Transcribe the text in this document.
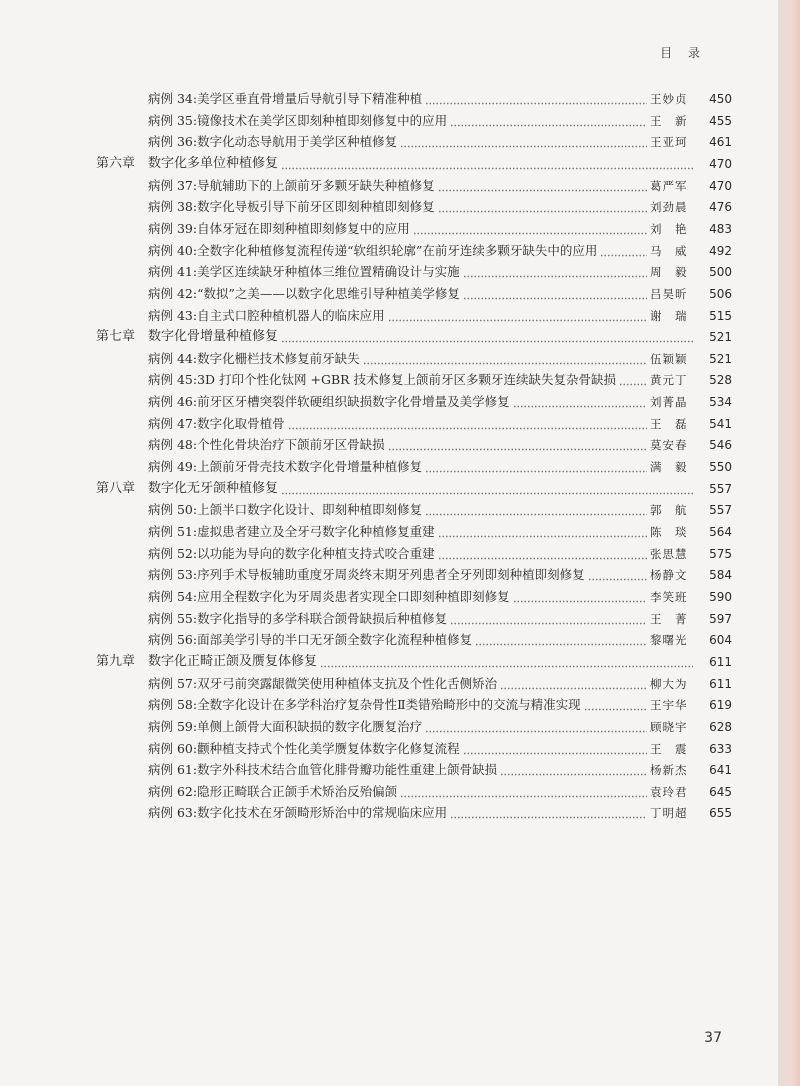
目 录
病例 34: 美学区垂直骨增量后导航引导下精准种植	王妙贞	450
病例 35: 镜像技术在美学区即刻种植即刻修复中的应用	王　新	455
病例 36: 数字化动态导航用于美学区种植修复	王亚珂	461
第六章 数字化多单位种植修复	470
病例 37: 导航辅助下的上颌前牙多颗牙缺失种植修复	葛严军	470
病例 38: 数字化导板引导下前牙区即刻种植即刻修复	刘劲晨	476
病例 39: 自体牙冠在即刻种植即刻修复中的应用	刘　艳	483
病例 40: 全数字化种植修复流程传递“软组织轮廓”在前牙连续多颗牙缺失中的应用	马　威	492
病例 41: 美学区连续缺牙种植体三维位置精确设计与实施	周　毅	500
病例 42: “数拟”之美——以数字化思维引导种植美学修复	吕昊昕	506
病例 43: 自主式口腔种植机器人的临床应用	谢　瑞	515
第七章 数字化骨增量种植修复	521
病例 44: 数字化栅栏技术修复前牙缺失	伍颖颖	521
病例 45: 3D 打印个性化钛网 +GBR 技术修复上颌前牙区多颗牙连续缺失复杂骨缺损	黄元丁	528
病例 46: 前牙区牙槽突裂伴软硬组织缺损数字化骨增量及美学修复	刘菁晶	534
病例 47: 数字化取骨植骨	王　磊	541
病例 48: 个性化骨块治疗下颌前牙区骨缺损	莫安春	546
病例 49: 上颌前牙骨壳技术数字化骨增量种植修复	满　毅	550
第八章 数字化无牙颌种植修复	557
病例 50: 上颌半口数字化设计、即刻种植即刻修复	郭　航	557
病例 51: 虚拟患者建立及全牙弓数字化种植修复重建	陈　琰	564
病例 52: 以功能为导向的数字化种植支持式咬合重建	张思慧	575
病例 53: 序列手术导板辅助重度牙周炎终末期牙列患者全牙列即刻种植即刻修复	杨静文	584
病例 54: 应用全程数字化为牙周炎患者实现全口即刻种植即刻修复	李笑班	590
病例 55: 数字化指导的多学科联合颌骨缺损后种植修复	王　菁	597
病例 56: 面部美学引导的半口无牙颌全数字化流程种植修复	黎曙光	604
第九章 数字化正畸正颌及赝复体修复	611
病例 57: 双牙弓前突露龈微笑使用种植体支抗及个性化舌侧矫治	柳大为	611
病例 58: 全数字化设计在多学科治疗复杂骨性Ⅱ类错殆畸形中的交流与精准实现	王宇华	619
病例 59: 单侧上颌骨大面积缺损的数字化赝复治疗	顾晓宇	628
病例 60: 颧种植支持式个性化美学赝复体数字化修复流程	王　震	633
病例 61: 数字外科技术结合血管化腓骨瓣功能性重建上颌骨缺损	杨新杰	641
病例 62: 隐形正畸联合正颌手术矫治反殆偏颌	袁玲君	645
病例 63: 数字化技术在牙颌畸形矫治中的常规临床应用	丁明超	655
37
